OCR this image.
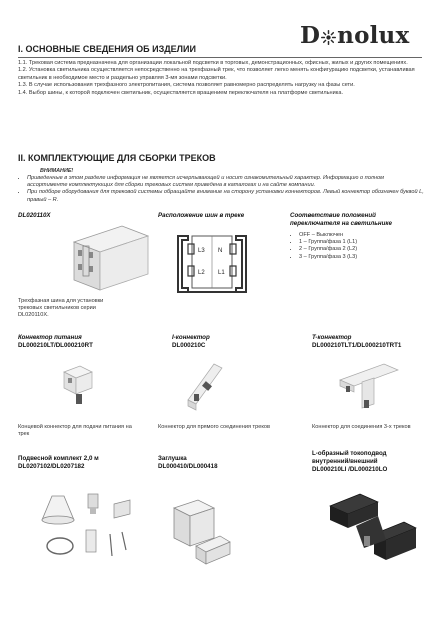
D nolux
I. ОСНОВНЫЕ СВЕДЕНИЯ ОБ ИЗДЕЛИИ
1.1. Трековая система предназначена для организации локальной подсветки в торговых, демонстрационных, офисных, жилых и других помещениях.
1.2. Установка светильника осуществляется непосредственно на трехфазный трек, что позволяет легко менять конфигурацию подсветки, устанавливая светильник в необходимое место и раздельно управляя 3-мя зонами подсветки.
1.3. В случае использования трехфазного электропитания, система позволяет равномерно распределять нагрузку на фазы сети.
1.4. Выбор шины, к которой подключен светильник, осуществляется вращением переключателя на платформе светильника.
II. КОМПЛЕКТУЮЩИЕ ДЛЯ СБОРКИ ТРЕКОВ
ВНИМАНИЕ!
• Приведенные в этом разделе информация не является исчерпывающей и носит ознакомительный характер. Информацию о полном ассортименте комплектующих для сборки трековых систем приведена в каталогах и на сайте компании.
• При подборе оборудования для трековой системы обращайте внимание на сторону установки коннекторов. Левый коннектор обозначен буквой L, правый – R.
DL020110X	Расположение шин в треке	Соответствие положений переключателя на светильнике
Трехфазная шина для установки трековых светильников серии DL020110X.
L3 N
L2 L1
• OFF – Выключен
• 1 – Группа/фаза 1 (L1)
• 2 – Группа/фаза 2 (L2)
• 3 – Группа/фаза 3 (L3)
Коннектор питания
DL000210LT/DL000210RT
I-коннектор
DL000210C
T-коннектор
DL000210TLT1/DL000210TRT1
Концевой коннектор для подачи питания на трек
Коннектор для прямого соединения треков	Коннектор для соединения 3-х треков
Подвесной комплект 2,0 м
DL0207102/DL0207182
Заглушка
DL000410/DL000418
L-образный токоподвод внутренний/внешний
DL000210LI /DL000210LO
